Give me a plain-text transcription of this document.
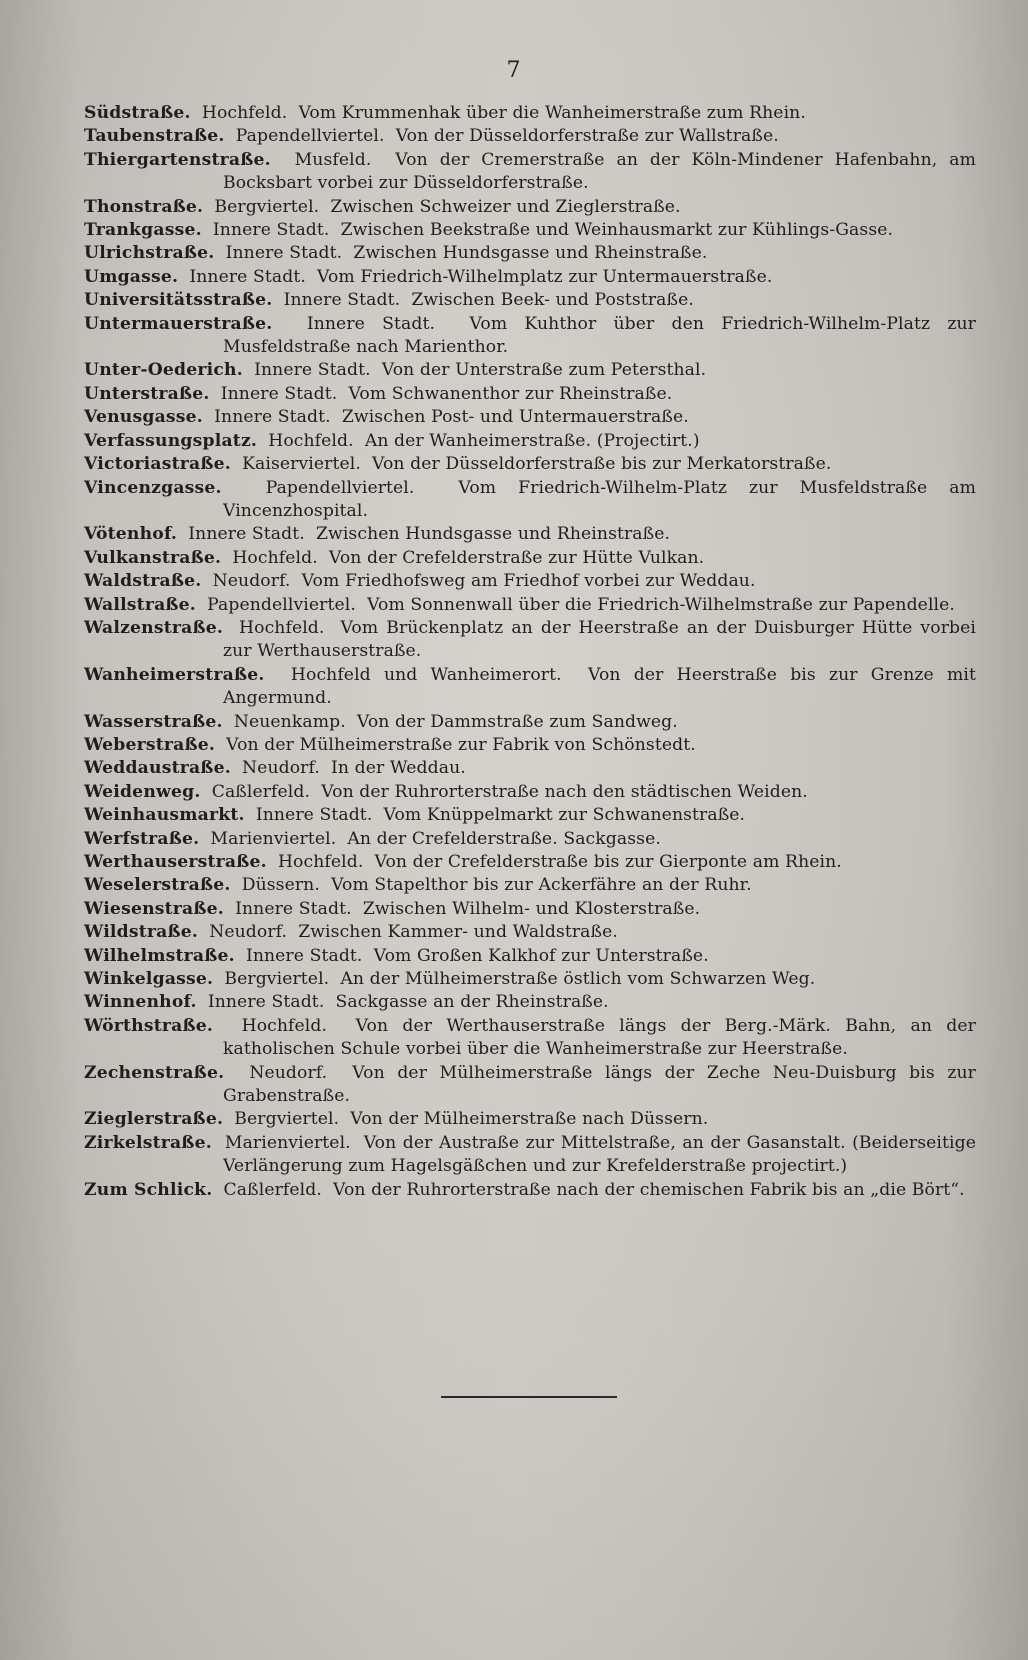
7
Südstraße. Hochfeld. Vom Krummenhak über die Wanheimerstraße zum Rhein.
Taubenstraße. Papendellviertel. Von der Düsseldorferstraße zur Wallstraße.
Thiergartenstraße. Musfeld. Von der Cremerstraße an der Köln-Mindener Hafenbahn, am Bocksbart vorbei zur Düsseldorferstraße.
Thonstraße. Bergviertel. Zwischen Schweizer und Zieglerstraße.
Trankgasse. Innere Stadt. Zwischen Beekstraße und Weinhausmarkt zur Kühlings-Gasse.
Ulrichstraße. Innere Stadt. Zwischen Hundsgasse und Rheinstraße.
Umgasse. Innere Stadt. Vom Friedrich-Wilhelmplatz zur Untermauerstraße.
Universitätsstraße. Innere Stadt. Zwischen Beek- und Poststraße.
Untermauerstraße. Innere Stadt. Vom Kuhthor über den Friedrich-Wilhelm-Platz zur Musfeldstraße nach Marienthor.
Unter-Oederich. Innere Stadt. Von der Unterstraße zum Petersthal.
Unterstraße. Innere Stadt. Vom Schwanenthor zur Rheinstraße.
Venusgasse. Innere Stadt. Zwischen Post- und Untermauerstraße.
Verfassungsplatz. Hochfeld. An der Wanheimerstraße. (Projectirt.)
Victoriastraße. Kaiserviertel. Von der Düsseldorferstraße bis zur Merkatorstraße.
Vincenzgasse.	Papendellviertel.	Vom Friedrich-Wilhelm-Platz zur Musfeldstraße am Vincenzhospital.
Vötenhof. Innere Stadt. Zwischen Hundsgasse und Rheinstraße.
Vulkanstraße. Hochfeld. Von der Crefelderstraße zur Hütte Vulkan.
Waldstraße. Neudorf. Vom Friedhofsweg am Friedhof vorbei zur Weddau.
Wallstraße. Papendellviertel. Vom Sonnenwall über die Friedrich-Wilhelmstraße zur Papendelle.
Walzenstraße. Hochfeld. Vom Brückenplatz an der Heerstraße an der Duisburger Hütte vorbei zur Werthauserstraße.
Wanheimerstraße. Hochfeld und Wanheimerort. Von der Heerstraße bis zur Grenze mit Angermund.
Wasserstraße. Neuenkamp. Von der Dammstraße zum Sandweg.
Weberstraße. Von der Mülheimerstraße zur Fabrik von Schönstedt.
Weddaustraße. Neudorf. In der Weddau.
Weidenweg. Caßlerfeld. Von der Ruhrorterstraße nach den städtischen Weiden.
Weinhausmarkt. Innere Stadt. Vom Knüppelmarkt zur Schwanenstraße.
Werfstraße. Marienviertel. An der Crefelderstraße. Sackgasse.
Werthauserstraße. Hochfeld. Von der Crefelderstraße bis zur Gierponte am Rhein.
Weselerstraße. Düssern. Vom Stapelthor bis zur Ackerfähre an der Ruhr.
Wiesenstraße. Innere Stadt. Zwischen Wilhelm- und Klosterstraße.
Wildstraße. Neudorf. Zwischen Kammer- und Waldstraße.
Wilhelmstraße. Innere Stadt. Vom Großen Kalkhof zur Unterstraße.
Winkelgasse. Bergviertel. An der Mülheimerstraße östlich vom Schwarzen Weg.
Winnenhof. Innere Stadt. Sackgasse an der Rheinstraße.
Wörthstraße. Hochfeld. Von der Werthauserstraße längs der Berg.-Märk. Bahn, an der katholischen Schule vorbei über die Wanheimerstraße zur Heerstraße.
Zechenstraße. Neudorf. Von der Mülheimerstraße längs der Zeche Neu-Duisburg bis zur Grabenstraße.
Zieglerstraße. Bergviertel. Von der Mülheimerstraße nach Düssern.
Zirkelstraße. Marienviertel. Von der Austraße zur Mittelstraße, an der Gasanstalt. (Beiderseitige Verlängerung zum Hagelsgäßchen und zur Krefelderstraße projectirt.)
Zum Schlick. Caßlerfeld. Von der Ruhrorterstraße nach der chemischen Fabrik bis an „die Bört“.
